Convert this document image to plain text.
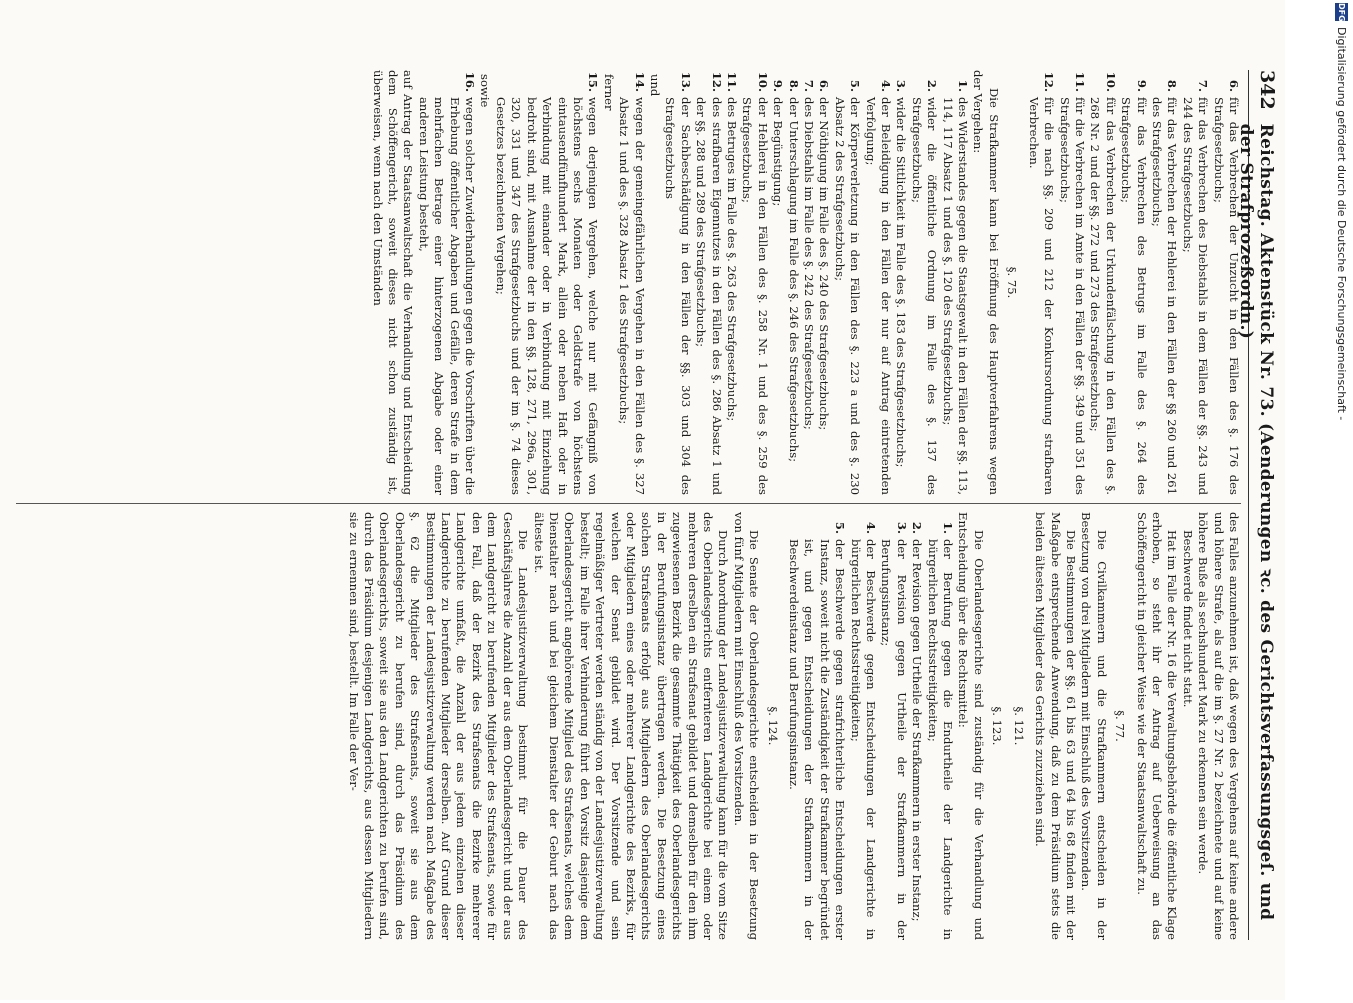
342
Reichstag. Aktenstück Nr. 73. (Aenderungen ꝛc. des Gerichtsverfassungsgeſ. und der Strafprozeßordn.)
6.
für das Verbrechen der Unzucht in den Fällen des §. 176 des Strafgesetzbuchs;
7.
für das Verbrechen des Diebstahls in dem Fällen der §§. 243 und 244 des Strafgesetzbuchs;
8.
für das Verbrechen der Hehlerei in den Fällen der §§ 260 und 261 des Strafgesetzbuchs;
9.
für das Verbrechen des Betrugs im Falle des §. 264 des Strafgesetzbuchs;
10.
für das Verbrechen der Urkundenfälschung in den Fällen des §. 268 Nr. 2 und der §§. 272 und 273 des Strafgesetzbuchs;
11.
für die Verbrechen im Amte in den Fällen der §§. 349 und 351 des Strafgesetzbuchs;
12.
für die nach §§. 209 und 212 der Konkursordnung strafbaren Verbrechen.
§. 75.

Die Strafkammer kann bei Eröffnung des Hauptverfahrens wegen der Vergehen:

1.
des Widerstandes gegen die Staatsgewalt in den Fällen der §§. 113, 114, 117 Absatz 1 und des §. 120 des Strafgesetzbuchs;
2.
wider die öffentliche Ordnung im Falle des §. 137 des Strafgesetzbuchs;
3.
wider die Sittlichkeit im Falle des §. 183 des Strafgesetzbuchs;
4.
der Beleidigung in den Fällen der nur auf Antrag eintretenden Verfolgung;
5.
der Körperverletzung in den Fällen des §. 223 a und des §. 230 Absatz 2 des Strafgesetzbuchs;
6.
der Nöthigung im Falle des §. 240 des Strafgesetzbuchs;
7.
des Diebstahls im Falle des §. 242 des Strafgesetzbuchs;
8.
der Unterschlagung im Falle des §. 246 des Strafgesetzbuchs;
9.
der Begünstigung;
10.
der Hehlerei in den Fällen des §. 258 Nr. 1 und des §. 259 des Strafgesetzbuchs;
11.
des Betruges im Falle des §. 263 des Strafgesetzbuchs;
12.
des strafbaren Eigennutzes in den Fällen des §. 286 Absatz 1 und der §§. 288 und 289 des Strafgesetzbuchs;
13.
der Sachbeschädigung in den Fällen der §§. 303 und 304 des Strafgesetzbuchs

und

14.
wegen der gemeingefährlichen Vergehen in den Fällen des §. 327 Absatz 1 und des §. 328 Absatz 1 des Strafgesetzbuchs;

ferner

15.
wegen derjenigen Vergehen, welche nur mit Gefängniß von höchstens sechs Monaten oder Geldstrafe von höchstens eintausendfünfhundert Mark, allein oder neben Haft oder in Verbindung mit einander oder in Verbindung mit Einziehung bedroht sind, mit Ausnahme der in den §§. 128, 271, 296a, 301, 320, 331 und 347 des Strafgesetzbuchs und der im §. 74 dieses Gesetzes bezeichneten Vergehen;

sowie

16.
wegen solcher Zuwiderhandlungen gegen die Vorschriften über die Erhebung öffentlicher Abgaben und Gefälle, deren Strafe in dem mehrfachen Betrage einer hinterzogenen Abgabe oder einer anderen Leistung besteht,

auf Antrag der Staatsanwaltschaft die Verhandlung und Entscheidung dem Schöffengericht, soweit dieses nicht schon zuständig ist, überweisen, wenn nach den Umständen

des Falles anzunehmen ist, daß wegen des Vergehens auf keine andere und höhere Strafe, als auf die im §. 27 Nr. 2 bezeichnete und auf keine höhere Buße als sechshundert Mark zu erkennen sein werde.

Beschwerde findet nicht statt.

Hat im Falle der Nr. 16 die Verwaltungsbehörde die öffentliche Klage erhoben, so steht ihr der Antrag auf Ueberweisung an das Schöffengericht in gleicher Weise wie der Staatsanwaltschaft zu.

§. 77.

Die Civilkammern und die Strafkammern entscheiden in der Besetzung von drei Mitgliedern mit Einschluß des Vorsitzenden.

Die Bestimmungen der §§. 61 bis 63 und 64 bis 68 finden mit der Maßgabe entsprechende Anwendung, daß zu dem Präsidium stets die beiden ältesten Mitglieder des Gerichts zuzuziehen sind.

§. 121.
§. 123.

Die Oberlandesgerichte sind zuständig für die Verhandlung und Entscheidung über die Rechtsmittel:

1.
der Berufung gegen die Endurtheile der Landgerichte in bürgerlichen Rechtsstreitigkeiten;
2.
der Revision gegen Urtheile der Strafkammern in erster Instanz;
3.
der Revision gegen Urtheile der Strafkammern in der Berufungsinstanz;
4.
der Beschwerde gegen Entscheidungen der Landgerichte in bürgerlichen Rechtsstreitigkeiten;
5.
der Beschwerde gegen strafrichterliche Entscheidungen erster Instanz, soweit nicht die Zuständigkeit der Strafkammer begründet ist, und gegen Entscheidungen der Strafkammern in der Beschwerdeinstanz und Berufungsinstanz.
§. 124.

Die Senate der Oberlandesgerichte entscheiden in der Besetzung von fünf Mitgliedern mit Einschluß des Vorsitzenden.

Durch Anordnung der Landesjustizverwaltung kann für die vom Sitze des Oberlandesgerichts entfernteren Landgerichte bei einem oder mehreren derselben ein Strafsenat gebildet und demselben für den ihm zugewiesenen Bezirk die gesammte Thätigkeit des Oberlandesgerichts in der Berufungsinstanz übertragen werden. Die Besetzung eines solchen Strafsenats erfolgt aus Mitgliedern des Oberlandesgerichts oder Mitgliedern eines oder mehrerer Landgerichte des Bezirks, für welchen der Senat gebildet wird. Der Vorsitzende und sein regelmäßiger Vertreter werden ständig von der Landesjustizverwaltung bestellt; im Falle ihrer Verhinderung führt den Vorsitz dasjenige dem Oberlandesgericht angehörende Mitglied des Strafsenats, welches dem Dienstalter nach und bei gleichem Dienstalter der Geburt nach das älteste ist.

Die Landesjustizverwaltung bestimmt für die Dauer des Geschäftsjahres die Anzahl der aus dem Oberlandesgericht und der aus dem Landgericht zu berufenden Mitglieder des Strafsenats, sowie für den Fall, daß der Bezirk des Strafsenats die Bezirke mehrerer Landgerichte umfaßt, die Anzahl der aus jedem einzelnen dieser Landgerichte zu berufenden Mitglieder derselben. Auf Grund dieser Bestimmungen der Landesjustizverwaltung werden nach Maßgabe des §. 62 die Mitglieder des Strafsenats, soweit sie aus dem Oberlandesgericht zu berufen sind, durch das Präsidium des Oberlandesgerichts, soweit sie aus den Landgerichten zu berufen sind, durch das Präsidium desjenigen Landgerichts, aus dessen Mitgliedern sie zu ernennen sind, bestellt. Im Falle der Ver-

DFG
Digitalisierung gefördert durch die Deutsche Forschungsgemeinschaft -
